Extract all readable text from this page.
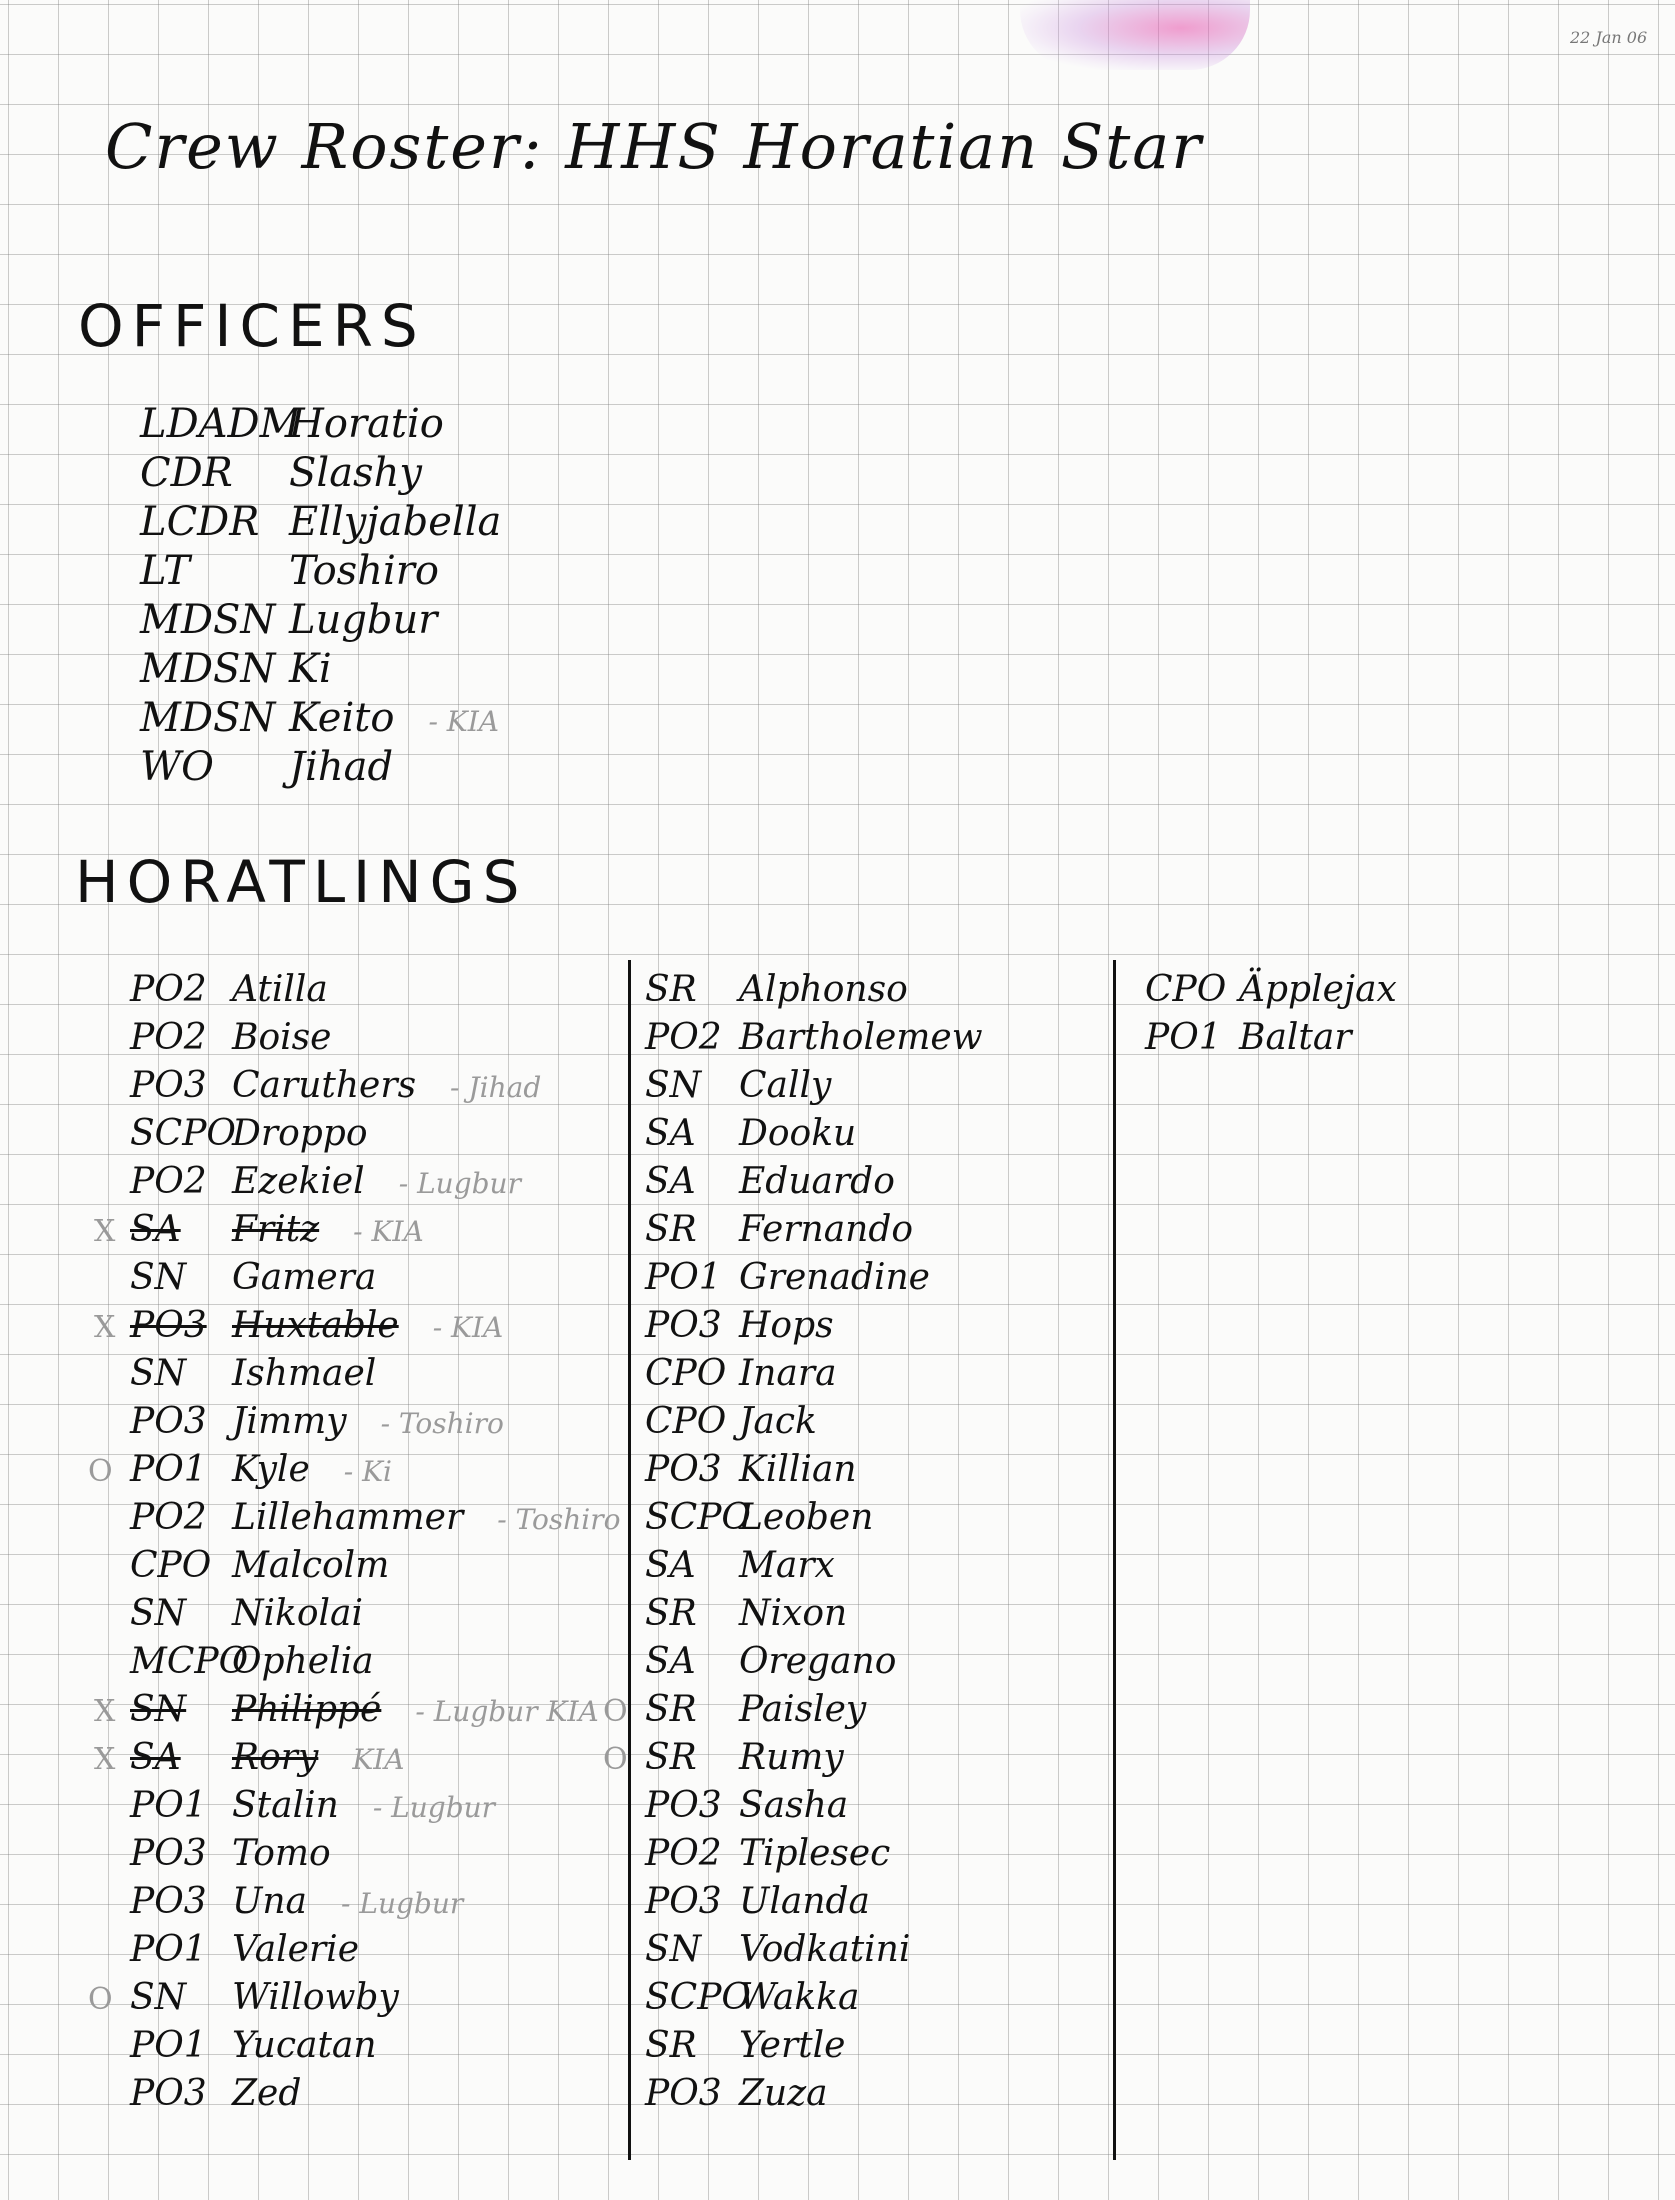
22 Jan 06
Crew Roster: HHS Horatian Star
OFFICERS
LDADMHoratio
CDR Slashy
LCDR Ellyjabella
LT Toshiro
MDSN Lugbur
MDSN Ki
MDSN Keito - KIA
WO Jihad
HORATLINGS
PO2 Atilla
PO2 Boise
PO3 Caruthers - Jihad
SCPODroppo
PO2 Ezekiel - Lugbur
X SA Fritz - KIA
SN Gamera
X PO3 Huxtable - KIA
SN Ishmael
PO3 Jimmy - Toshiro
O PO1 Kyle - Ki
PO2 Lillehammer - Toshiro
CPO Malcolm
SN Nikolai
MCPOOphelia
X SN Philippé - Lugbur KIA
X SA Rory KIA
PO1 Stalin - Lugbur
PO3 Tomo
PO3 Una - Lugbur
PO1 Valerie
O SN Willowby
PO1 Yucatan
PO3 Zed
SR Alphonso
PO2 Bartholemew
SN Cally
SA Dooku
SA Eduardo
SR Fernando
PO1 Grenadine
PO3 Hops
CPO Inara
CPO Jack
PO3 Killian
SCPOLeoben
SA Marx
SR Nixon
SA Oregano
O SR Paisley
O SR Rumy
PO3 Sasha
PO2 Tiplesec
PO3 Ulanda
SN Vodkatini
SCPOWakka
SR Yertle
PO3 Zuza
CPO Äpplejax
PO1 Baltar
